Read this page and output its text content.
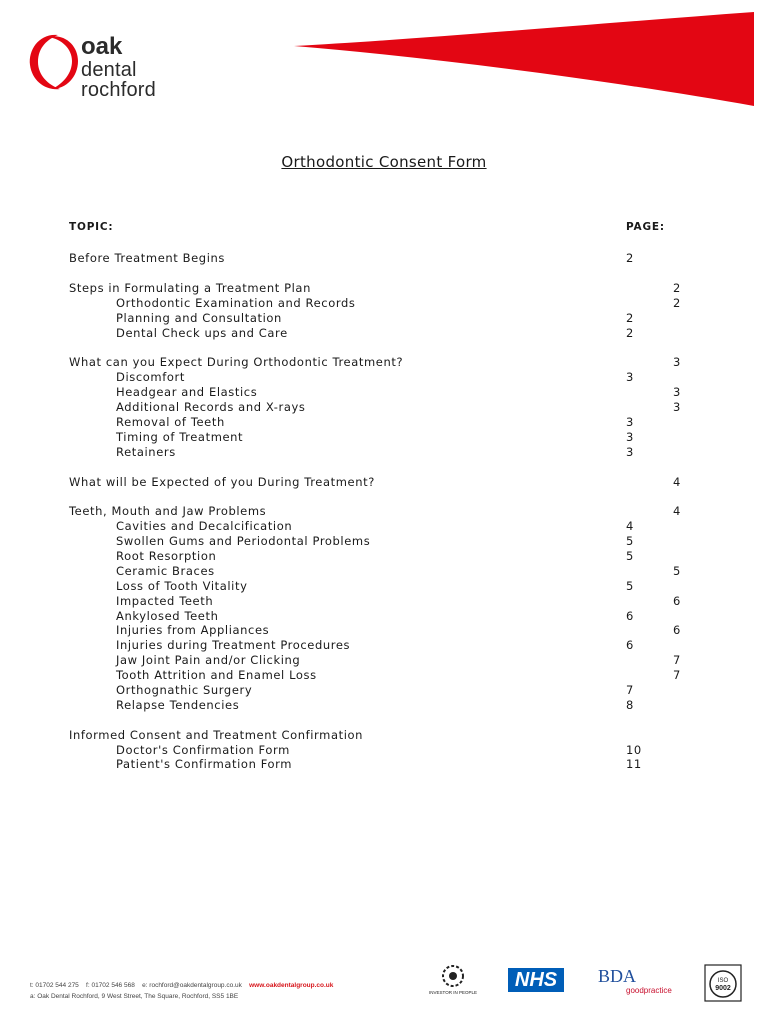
oak
dental
rochford
Orthodontic Consent Form
TOPIC:	PAGE:
Before Treatment Begins	2
Steps in Formulating a Treatment Plan	2
Orthodontic Examination and Records	2
Planning and Consultation	2
Dental Check ups and Care	2
What can you Expect During Orthodontic Treatment?	3
Discomfort	3
Headgear and Elastics	3
Additional Records and X-rays	3
Removal of Teeth	3
Timing of Treatment	3
Retainers	3
What will be Expected of you During Treatment?	4
Teeth, Mouth and Jaw Problems	4
Cavities and Decalcification	4
Swollen Gums and Periodontal Problems	5
Root Resorption	5
Ceramic Braces	5
Loss of Tooth Vitality	5
Impacted Teeth	6
Ankylosed Teeth	6
Injuries from Appliances	6
Injuries during Treatment Procedures	6
Jaw Joint Pain and/or Clicking	7
Tooth Attrition and Enamel Loss	7
Orthognathic Surgery	7
Relapse Tendencies	8
Informed Consent and Treatment Confirmation
Doctor's Confirmation Form	10
Patient's Confirmation Form	11
t: 01702 544 275 f: 01702 546 568 e: rochford@oakdentalgroup.co.uk www.oakdentalgroup.co.uk
a: Oak Dental Rochford, 9 West Street, The Square, Rochford, SS5 1BE
INVESTOR IN PEOPLE
NHS	BDA
goodpractice
ISO
9002
